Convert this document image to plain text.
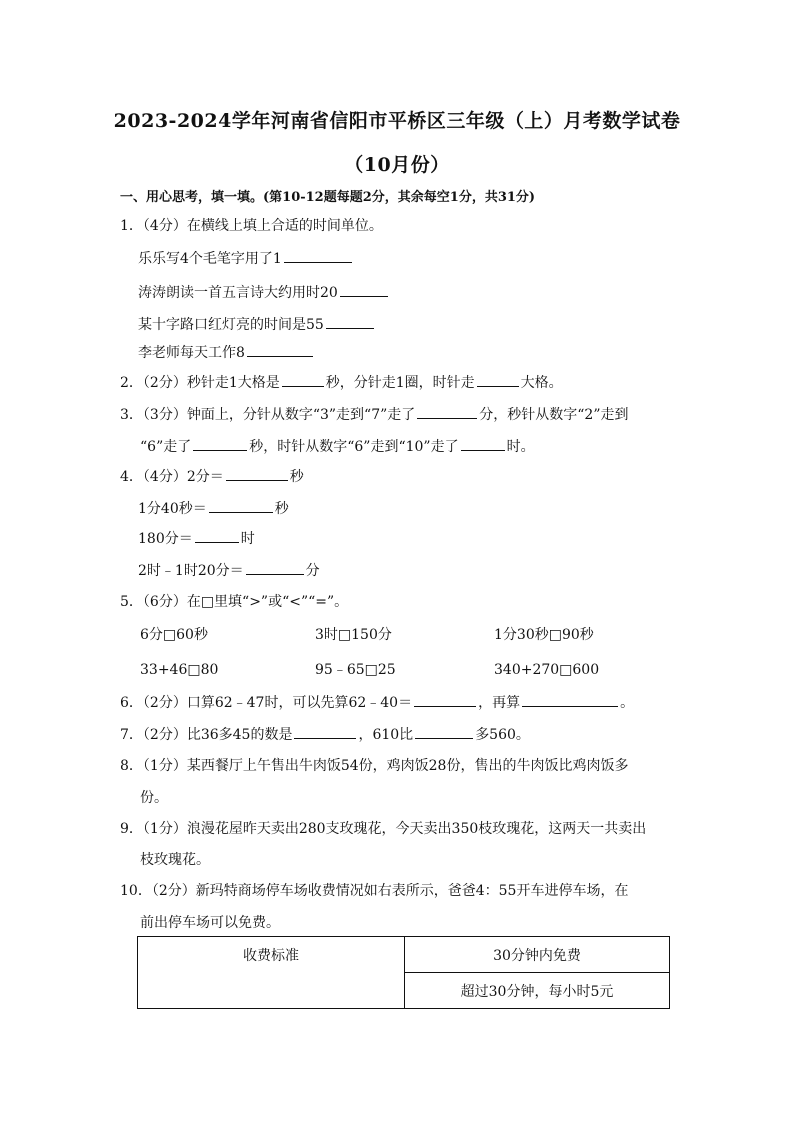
2023-2024学年河南省信阳市平桥区三年级（上）月考数学试卷
（10月份）
一、用心思考，填一填。(第10-12题每题2分，其余每空1分，共31分)
1．（4分）在横线上填上合适的时间单位。
乐乐写4个毛笔字用了1
涛涛朗读一首五言诗大约用时20
某十字路口红灯亮的时间是55
李老师每天工作8
2．（2分）秒针走1大格是	秒，分针走1圈，时针走	大格。
3．（3分）钟面上，分针从数字“3”走到“7”走了	分，秒针从数字“2”走到
“6”走了	秒，时针从数字“6”走到“10”走了	时。
4．（4分）2分＝	秒
1分40秒＝	秒
180分＝	时
2时﹣1时20分＝	分
5．（6分）在□里填“>”或“<”“=”。
6分□60秒	3时□150分	1分30秒□90秒
33+46□80	95﹣65□25	340+270□600
6．（2分）口算62﹣47时，可以先算62﹣40＝	，再算	。
7．（2分）比36多45的数是	，610比	多560。
8．（1分）某西餐厅上午售出牛肉饭54份，鸡肉饭28份，售出的牛肉饭比鸡肉饭多
份。
9．（1分）浪漫花屋昨天卖出280支玫瑰花，今天卖出350枝玫瑰花，这两天一共卖出
枝玫瑰花。
10．（2分）新玛特商场停车场收费情况如右表所示，爸爸4：55开车进停车场，在
前出停车场可以免费。
收费标准	30分钟内免费
超过30分钟，每小时5元
